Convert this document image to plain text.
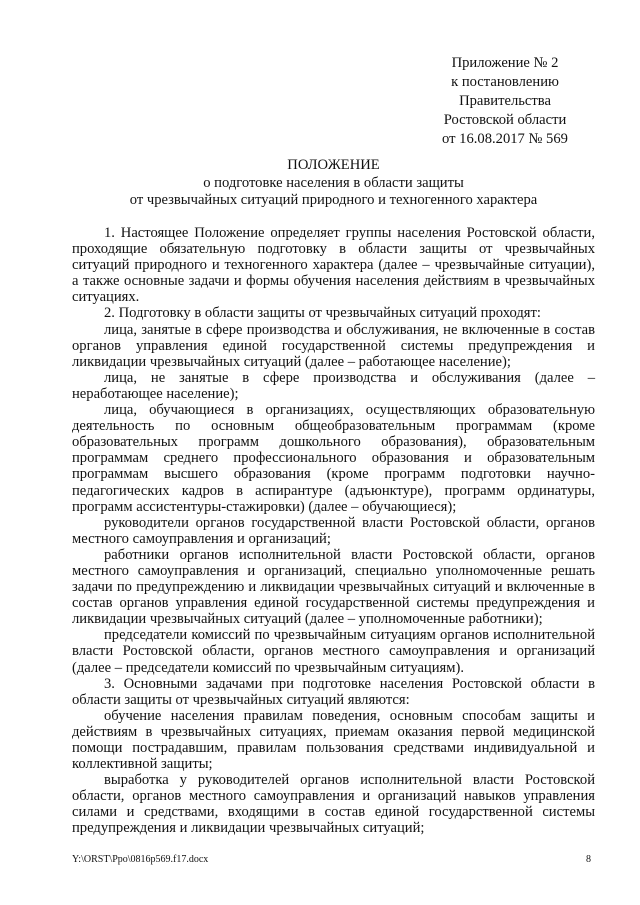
Приложение № 2
к постановлению
Правительства
Ростовской области
от 16.08.2017 № 569
ПОЛОЖЕНИЕ
о подготовке населения в области защиты
от чрезвычайных ситуаций природного и техногенного характера

1. Настоящее Положение определяет группы населения Ростовской области, проходящие обязательную подготовку в области защиты от чрезвычайных ситуаций природного и техногенного характера (далее – чрезвычайные ситуации), а также основные задачи и формы обучения населения действиям в чрезвычайных ситуациях.

2. Подготовку в области защиты от чрезвычайных ситуаций проходят:

лица, занятые в сфере производства и обслуживания, не включенные в состав органов управления единой государственной системы предупреждения и ликвидации чрезвычайных ситуаций (далее – работающее население);

лица, не занятые в сфере производства и обслуживания (далее – неработающее население);

лица, обучающиеся в организациях, осуществляющих образовательную деятельность по основным общеобразовательным программам (кроме образовательных программ дошкольного образования), образовательным программам среднего профессионального образования и образовательным программам высшего образования (кроме программ подготовки научно-педагогических кадров в аспирантуре (адъюнктуре), программ ординатуры, программ ассистентуры-стажировки) (далее – обучающиеся);

руководители органов государственной власти Ростовской области, органов местного самоуправления и организаций;

работники органов исполнительной власти Ростовской области, органов местного самоуправления и организаций, специально уполномоченные решать задачи по предупреждению и ликвидации чрезвычайных ситуаций и включенные в состав органов управления единой государственной системы предупреждения и ликвидации чрезвычайных ситуаций (далее – уполномоченные работники);

председатели комиссий по чрезвычайным ситуациям органов исполнительной власти Ростовской области, органов местного самоуправления и организаций (далее – председатели комиссий по чрезвычайным ситуациям).

3. Основными задачами при подготовке населения Ростовской области в области защиты от чрезвычайных ситуаций являются:

обучение населения правилам поведения, основным способам защиты и действиям в чрезвычайных ситуациях, приемам оказания первой медицинской помощи пострадавшим, правилам пользования средствами индивидуальной и коллективной защиты;

выработка у руководителей органов исполнительной власти Ростовской области, органов местного самоуправления и организаций навыков управления силами и средствами, входящими в состав единой государственной системы предупреждения и ликвидации чрезвычайных ситуаций;

Y:\ORST\Ppo\0816p569.f17.docx	8
